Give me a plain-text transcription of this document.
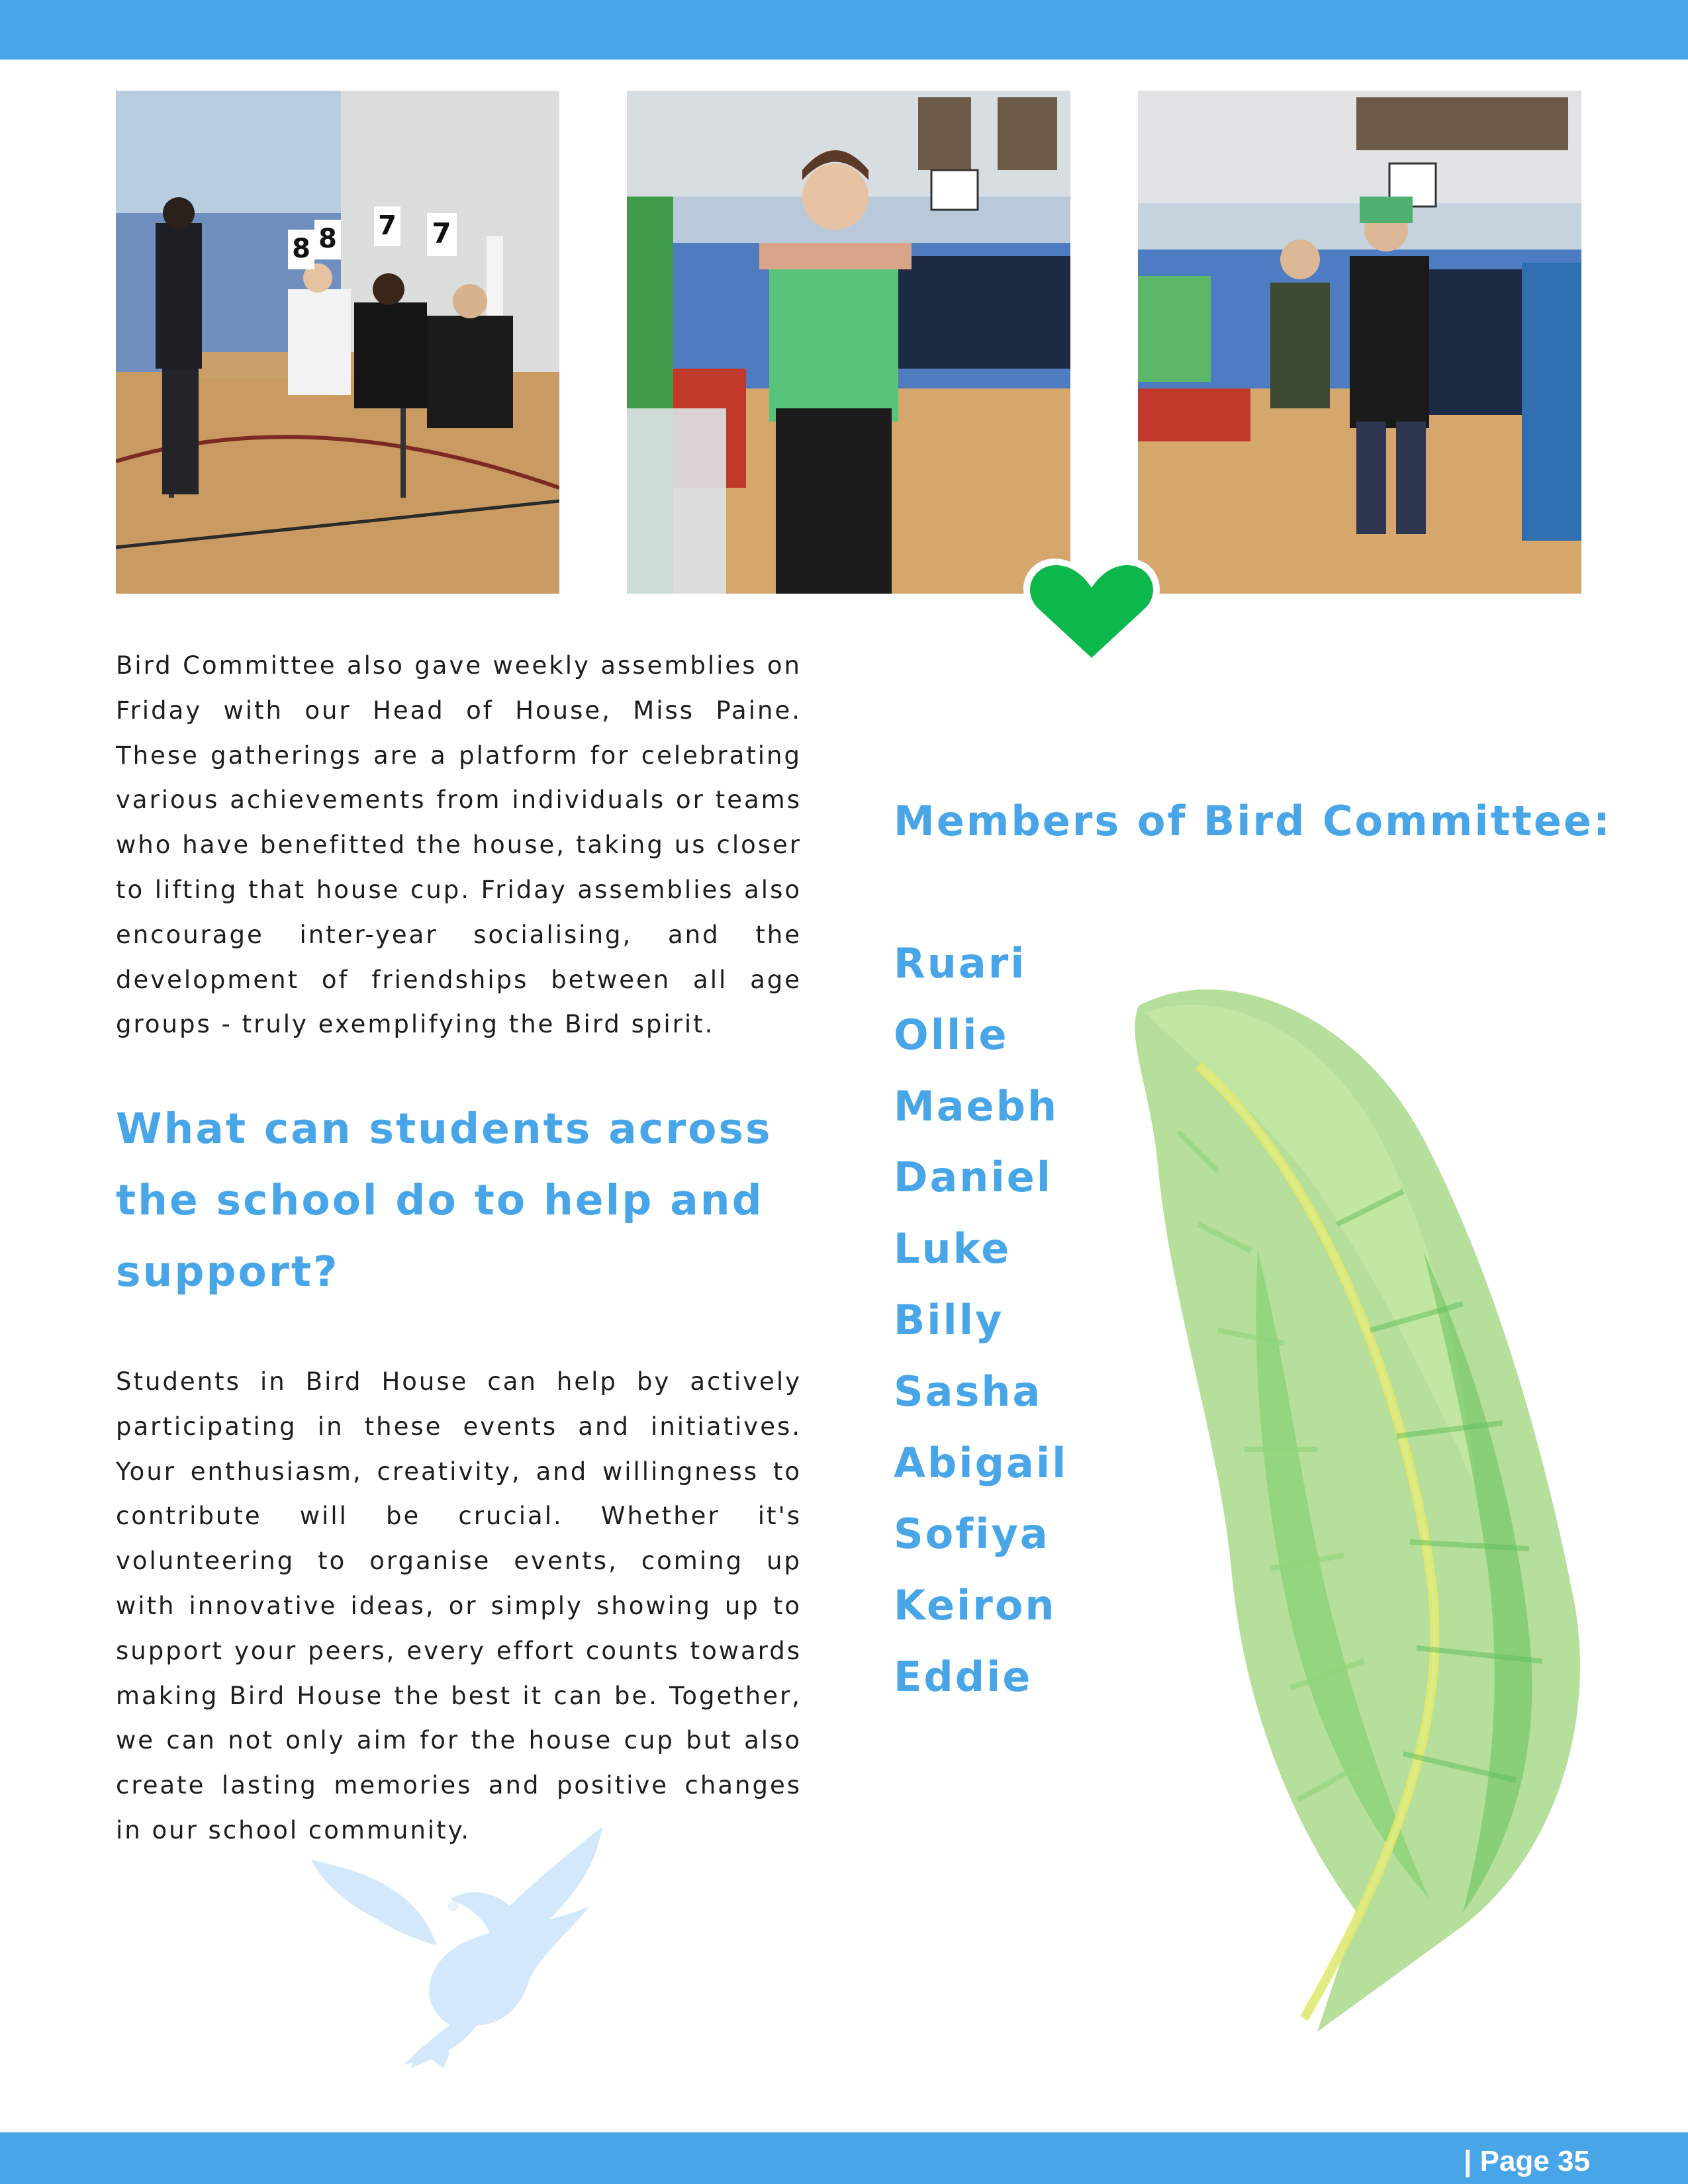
8 8 7 7

Bird Committee also gave weekly assemblies on Friday with our Head of House, Miss Paine. These gatherings are a platform for celebrating various achievements from individuals or teams who have benefitted the house, taking us closer to lifting that house cup. Friday assemblies also encourage inter-year socialising, and the development of friendships between all age groups - truly exemplifying the Bird spirit.

What can students across the school do to help and support?

Students in Bird House can help by actively participating in these events and initiatives. Your enthusiasm, creativity, and willingness to contribute will be crucial. Whether it's volunteering to organise events, coming up with innovative ideas, or simply showing up to support your peers, every effort counts towards making Bird House the best it can be. Together, we can not only aim for the house cup but also create lasting memories and positive changes in our school community.

Members of Bird Committee:
Ruari
Ollie
Maebh
Daniel
Luke
Billy
Sasha
Abigail
Sofiya
Keiron
Eddie
| Page 35
